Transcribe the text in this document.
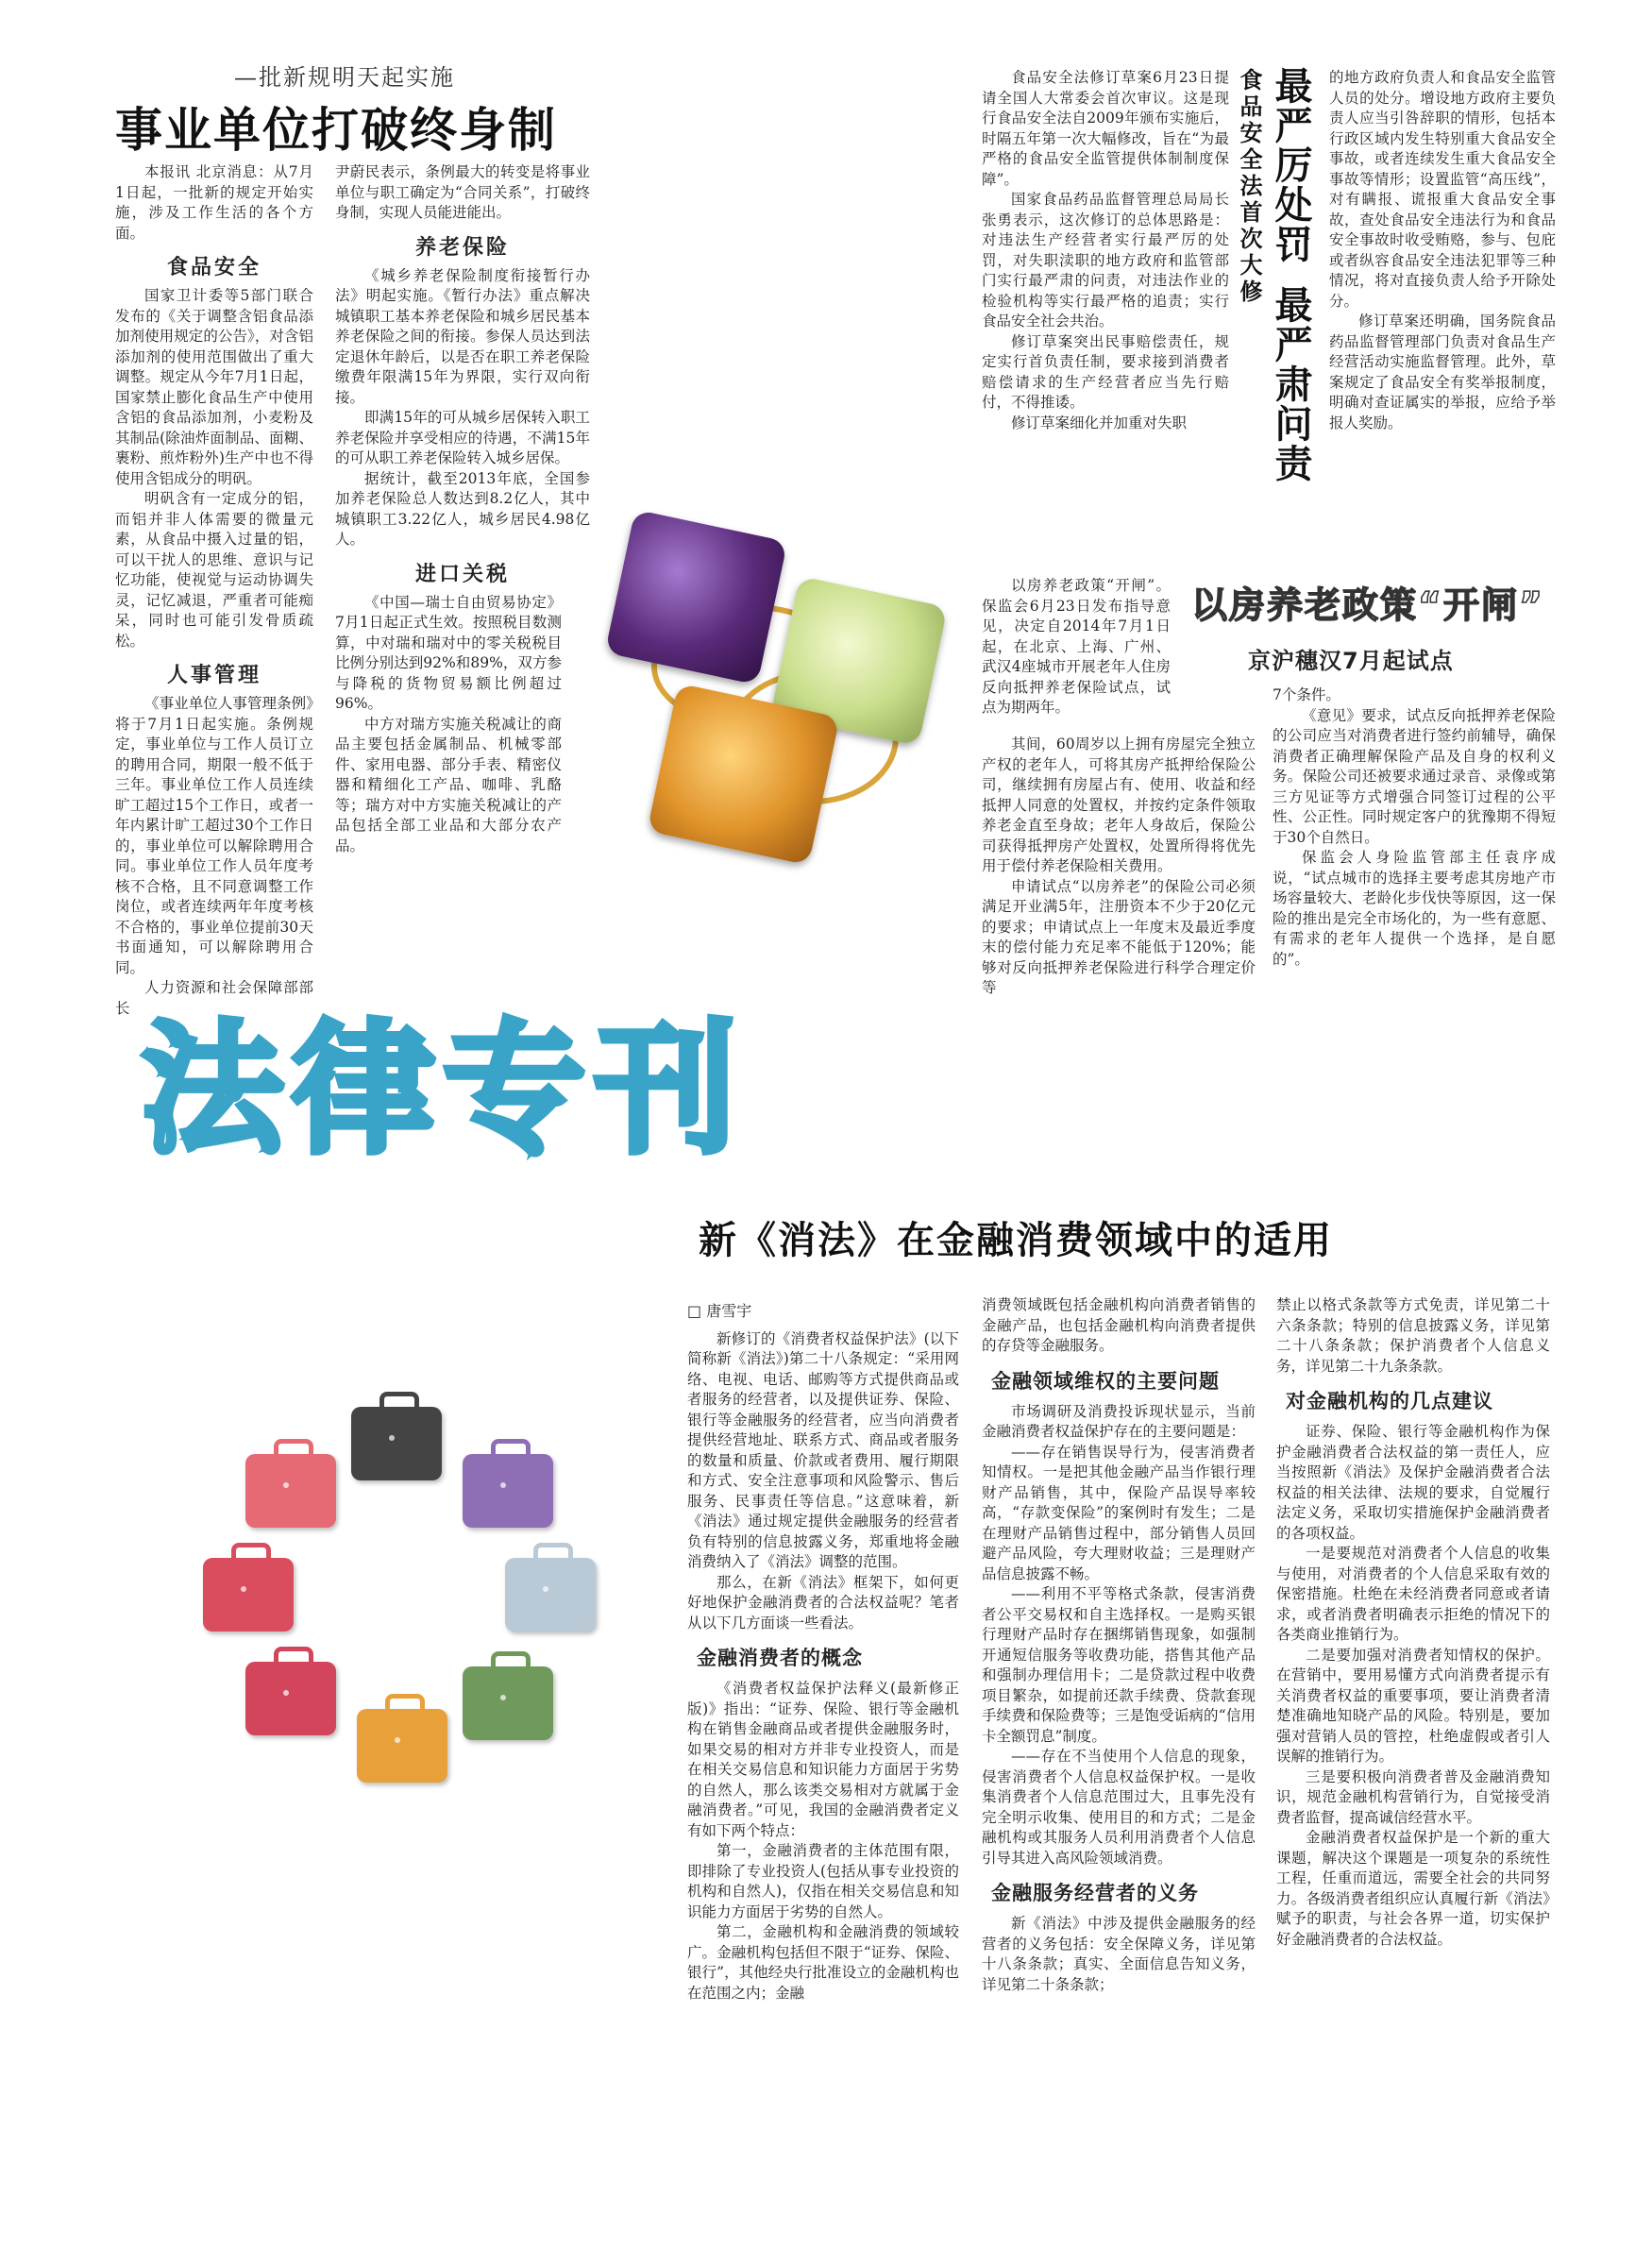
—批新规明天起实施
事业单位打破终身制

本报讯 北京消息：从7月1日起，一批新的规定开始实施，涉及工作生活的各个方面。

食品安全

国家卫计委等5部门联合发布的《关于调整含铝食品添加剂使用规定的公告》，对含铝添加剂的使用范围做出了重大调整。规定从今年7月1日起，国家禁止膨化食品生产中使用含铝的食品添加剂，小麦粉及其制品(除油炸面制品、面糊、裹粉、煎炸粉外)生产中也不得使用含铝成分的明矾。

明矾含有一定成分的铝，而铝并非人体需要的微量元素，从食品中摄入过量的铝，可以干扰人的思维、意识与记忆功能，使视觉与运动协调失灵，记忆减退，严重者可能痴呆，同时也可能引发骨质疏松。

人事管理

《事业单位人事管理条例》将于7月1日起实施。条例规定，事业单位与工作人员订立的聘用合同，期限一般不低于三年。事业单位工作人员连续旷工超过15个工作日，或者一年内累计旷工超过30个工作日的，事业单位可以解除聘用合同。事业单位工作人员年度考核不合格，且不同意调整工作岗位，或者连续两年年度考核不合格的，事业单位提前30天书面通知，可以解除聘用合同。

人力资源和社会保障部部长

尹蔚民表示，条例最大的转变是将事业单位与职工确定为“合同关系”，打破终身制，实现人员能进能出。

养老保险

《城乡养老保险制度衔接暂行办法》明起实施。《暂行办法》重点解决城镇职工基本养老保险和城乡居民基本养老保险之间的衔接。参保人员达到法定退休年龄后，以是否在职工养老保险缴费年限满15年为界限，实行双向衔接。

即满15年的可从城乡居保转入职工养老保险并享受相应的待遇，不满15年的可从职工养老保险转入城乡居保。

据统计，截至2013年底，全国参加养老保险总人数达到8.2亿人，其中城镇职工3.22亿人，城乡居民4.98亿人。

进口关税

《中国—瑞士自由贸易协定》7月1日起正式生效。按照税目数测算，中对瑞和瑞对中的零关税税目比例分别达到92%和89%，双方参与降税的货物贸易额比例超过96%。

中方对瑞方实施关税减让的商品主要包括金属制品、机械零部件、家用电器、部分手表、精密仪器和精细化工产品、咖啡、乳酪等；瑞方对中方实施关税减让的产品包括全部工业品和大部分农产品。

食品安全法修订草案6月23日提请全国人大常委会首次审议。这是现行食品安全法自2009年颁布实施后，时隔五年第一次大幅修改，旨在“为最严格的食品安全监管提供体制制度保障”。

国家食品药品监督管理总局局长张勇表示，这次修订的总体思路是：对违法生产经营者实行最严厉的处罚，对失职渎职的地方政府和监管部门实行最严肃的问责，对违法作业的检验机构等实行最严格的追责；实行食品安全社会共治。

修订草案突出民事赔偿责任，规定实行首负责任制，要求接到消费者赔偿请求的生产经营者应当先行赔付，不得推诿。

修订草案细化并加重对失职

食品安全法首次大修 最严厉处罚
最严肃问责

的地方政府负责人和食品安全监管人员的处分。增设地方政府主要负责人应当引咎辞职的情形，包括本行政区域内发生特别重大食品安全事故，或者连续发生重大食品安全事故等情形；设置监管“高压线”，对有瞒报、谎报重大食品安全事故，查处食品安全违法行为和食品安全事故时收受贿赂，参与、包庇或者纵容食品安全违法犯罪等三种情况，将对直接负责人给予开除处分。

修订草案还明确，国务院食品药品监督管理部门负责对食品生产经营活动实施监督管理。此外，草案规定了食品安全有奖举报制度，明确对查证属实的举报，应给予举报人奖励。

以房养老政策“开闸”
京沪穗汉7月起试点

以房养老政策“开闸”。保监会6月23日发布指导意见，决定自2014年7月1日起，在北京、上海、广州、武汉4座城市开展老年人住房反向抵押养老保险试点，试点为期两年。

其间，60周岁以上拥有房屋完全独立产权的老年人，可将其房产抵押给保险公司，继续拥有房屋占有、使用、收益和经抵押人同意的处置权，并按约定条件领取养老金直至身故；老年人身故后，保险公司获得抵押房产处置权，处置所得将优先用于偿付养老保险相关费用。

申请试点“以房养老”的保险公司必须满足开业满5年，注册资本不少于20亿元的要求；申请试点上一年度末及最近季度末的偿付能力充足率不能低于120%；能够对反向抵押养老保险进行科学合理定价等

7个条件。

《意见》要求，试点反向抵押养老保险的公司应当对消费者进行签约前辅导，确保消费者正确理解保险产品及自身的权利义务。保险公司还被要求通过录音、录像或第三方见证等方式增强合同签订过程的公平性、公正性。同时规定客户的犹豫期不得短于30个自然日。

保监会人身险监管部主任袁序成说，“试点城市的选择主要考虑其房地产市场容量较大、老龄化步伐快等原因，这一保险的推出是完全市场化的，为一些有意愿、有需求的老年人提供一个选择，是自愿的”。

法律专刊
新《消法》在金融消费领域中的适用

□ 唐雪宇

新修订的《消费者权益保护法》(以下简称新《消法》)第二十八条规定：“采用网络、电视、电话、邮购等方式提供商品或者服务的经营者，以及提供证券、保险、银行等金融服务的经营者，应当向消费者提供经营地址、联系方式、商品或者服务的数量和质量、价款或者费用、履行期限和方式、安全注意事项和风险警示、售后服务、民事责任等信息。”这意味着，新《消法》通过规定提供金融服务的经营者负有特别的信息披露义务，郑重地将金融消费纳入了《消法》调整的范围。

那么，在新《消法》框架下，如何更好地保护金融消费者的合法权益呢？笔者从以下几方面谈一些看法。

金融消费者的概念

《消费者权益保护法释义(最新修正版)》指出：“证券、保险、银行等金融机构在销售金融商品或者提供金融服务时，如果交易的相对方并非专业投资人，而是在相关交易信息和知识能力方面居于劣势的自然人，那么该类交易相对方就属于金融消费者。”可见，我国的金融消费者定义有如下两个特点：

第一，金融消费者的主体范围有限，即排除了专业投资人(包括从事专业投资的机构和自然人)，仅指在相关交易信息和知识能力方面居于劣势的自然人。

第二，金融机构和金融消费的领域较广。金融机构包括但不限于“证券、保险、银行”，其他经央行批准设立的金融机构也在范围之内；金融

消费领域既包括金融机构向消费者销售的金融产品，也包括金融机构向消费者提供的存贷等金融服务。

金融领域维权的主要问题

市场调研及消费投诉现状显示，当前金融消费者权益保护存在的主要问题是：

——存在销售误导行为，侵害消费者知情权。一是把其他金融产品当作银行理财产品销售，其中，保险产品误导率较高，“存款变保险”的案例时有发生；二是在理财产品销售过程中，部分销售人员回避产品风险，夸大理财收益；三是理财产品信息披露不畅。

——利用不平等格式条款，侵害消费者公平交易权和自主选择权。一是购买银行理财产品时存在捆绑销售现象，如强制开通短信服务等收费功能，搭售其他产品和强制办理信用卡；二是贷款过程中收费项目繁杂，如提前还款手续费、贷款套现手续费和保险费等；三是饱受诟病的“信用卡全额罚息”制度。

——存在不当使用个人信息的现象，侵害消费者个人信息权益保护权。一是收集消费者个人信息范围过大，且事先没有完全明示收集、使用目的和方式；二是金融机构或其服务人员利用消费者个人信息引导其进入高风险领域消费。

金融服务经营者的义务

新《消法》中涉及提供金融服务的经营者的义务包括：安全保障义务，详见第十八条条款；真实、全面信息告知义务，详见第二十条条款；

禁止以格式条款等方式免责，详见第二十六条条款；特别的信息披露义务，详见第二十八条条款；保护消费者个人信息义务，详见第二十九条条款。

对金融机构的几点建议

证券、保险、银行等金融机构作为保护金融消费者合法权益的第一责任人，应当按照新《消法》及保护金融消费者合法权益的相关法律、法规的要求，自觉履行法定义务，采取切实措施保护金融消费者的各项权益。

一是要规范对消费者个人信息的收集与使用，对消费者的个人信息采取有效的保密措施。杜绝在未经消费者同意或者请求，或者消费者明确表示拒绝的情况下的各类商业推销行为。

二是要加强对消费者知情权的保护。在营销中，要用易懂方式向消费者提示有关消费者权益的重要事项，要让消费者清楚准确地知晓产品的风险。特别是，要加强对营销人员的管控，杜绝虚假或者引人误解的推销行为。

三是要积极向消费者普及金融消费知识，规范金融机构营销行为，自觉接受消费者监督，提高诚信经营水平。

金融消费者权益保护是一个新的重大课题，解决这个课题是一项复杂的系统性工程，任重而道远，需要全社会的共同努力。各级消费者组织应认真履行新《消法》赋予的职责，与社会各界一道，切实保护好金融消费者的合法权益。
